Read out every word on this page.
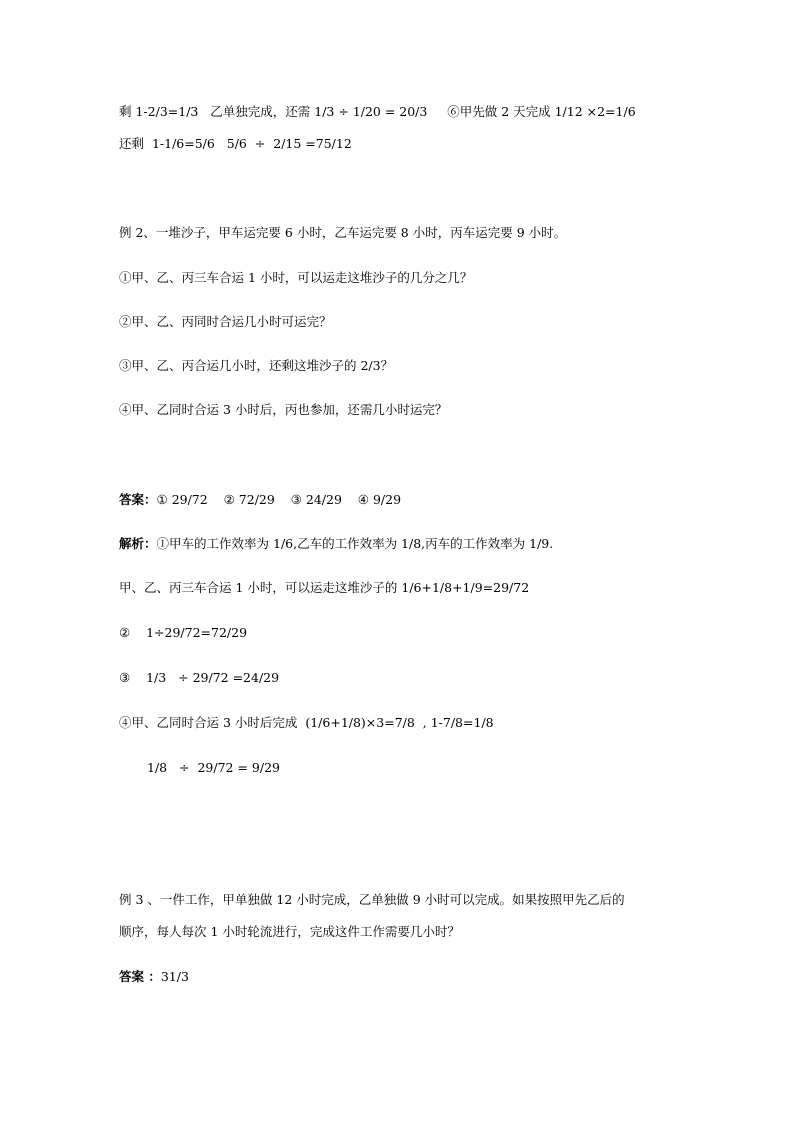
剩 1-2/3=1/3   乙单独完成，还需 1/3 ÷ 1/20 = 20/3     ⑥甲先做 2 天完成 1/12 ×2=1/6

还剩  1-1/6=5/6   5/6  ÷  2/15 =75/12

例 2、一堆沙子，甲车运完要 6 小时，乙车运完要 8 小时，丙车运完要 9 小时。

①甲、乙、丙三车合运 1 小时，可以运走这堆沙子的几分之几？

②甲、乙、丙同时合运几小时可运完？

③甲、乙、丙合运几小时，还剩这堆沙子的 2/3？

④甲、乙同时合运 3 小时后，丙也参加，还需几小时运完？

答案：① 29/72    ② 72/29    ③ 24/29    ④ 9/29

解析：①甲车的工作效率为 1/6,乙车的工作效率为 1/8,丙车的工作效率为 1/9.

甲、乙、丙三车合运 1 小时，可以运走这堆沙子的 1/6+1/8+1/9=29/72

②    1÷29/72=72/29

③    1/3   ÷ 29/72 =24/29

④甲、乙同时合运 3 小时后完成  (1/6+1/8)×3=7/8  , 1-7/8=1/8

1/8   ÷  29/72 = 9/29

例 3 、一件工作，甲单独做 12 小时完成，乙单独做 9 小时可以完成。如果按照甲先乙后的

顺序，每人每次 1 小时轮流进行，完成这件工作需要几小时？

答案 ：31/3
